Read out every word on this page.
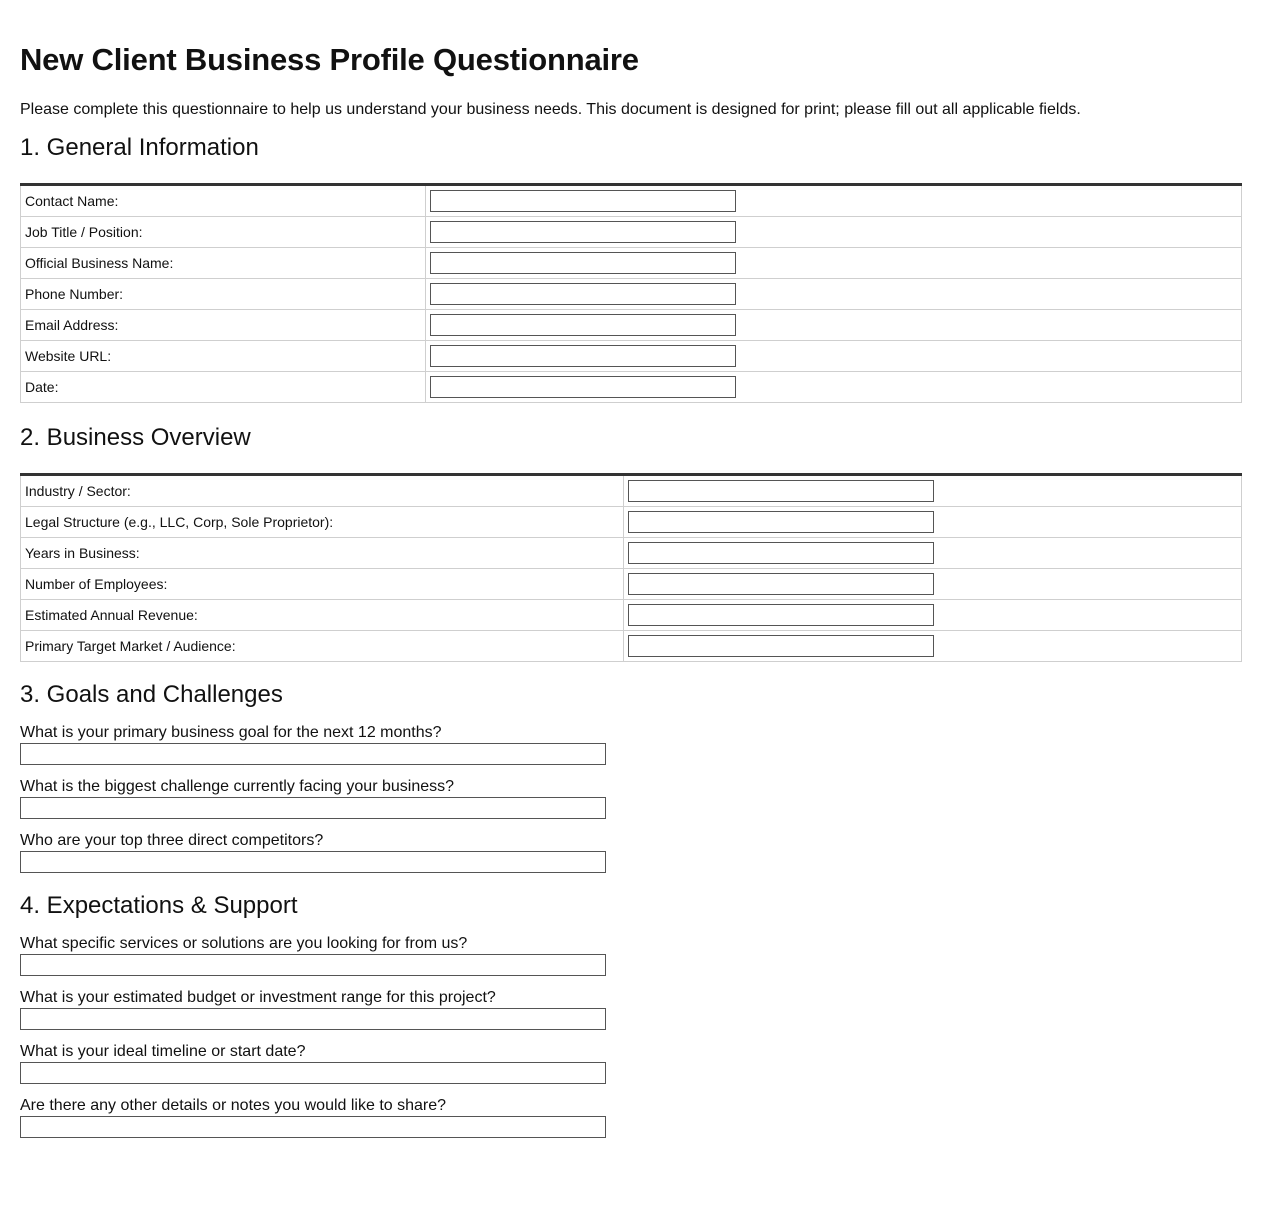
New Client Business Profile Questionnaire

Please complete this questionnaire to help us understand your business needs. This document is designed for print; please fill out all applicable fields.

1. General Information
Contact Name:	

Job Title / Position:	

Official Business Name:	

Phone Number:	

Email Address:	

Website URL:	

Date:	
2. Business Overview
Industry / Sector:	

Legal Structure (e.g., LLC, Corp, Sole Proprietor):	

Years in Business:	

Number of Employees:	

Estimated Annual Revenue:	

Primary Target Market / Audience:	
3. Goals and Challenges
What is your primary business goal for the next 12 months?
What is the biggest challenge currently facing your business?
Who are your top three direct competitors?
4. Expectations & Support
What specific services or solutions are you looking for from us?
What is your estimated budget or investment range for this project?
What is your ideal timeline or start date?
Are there any other details or notes you would like to share?
